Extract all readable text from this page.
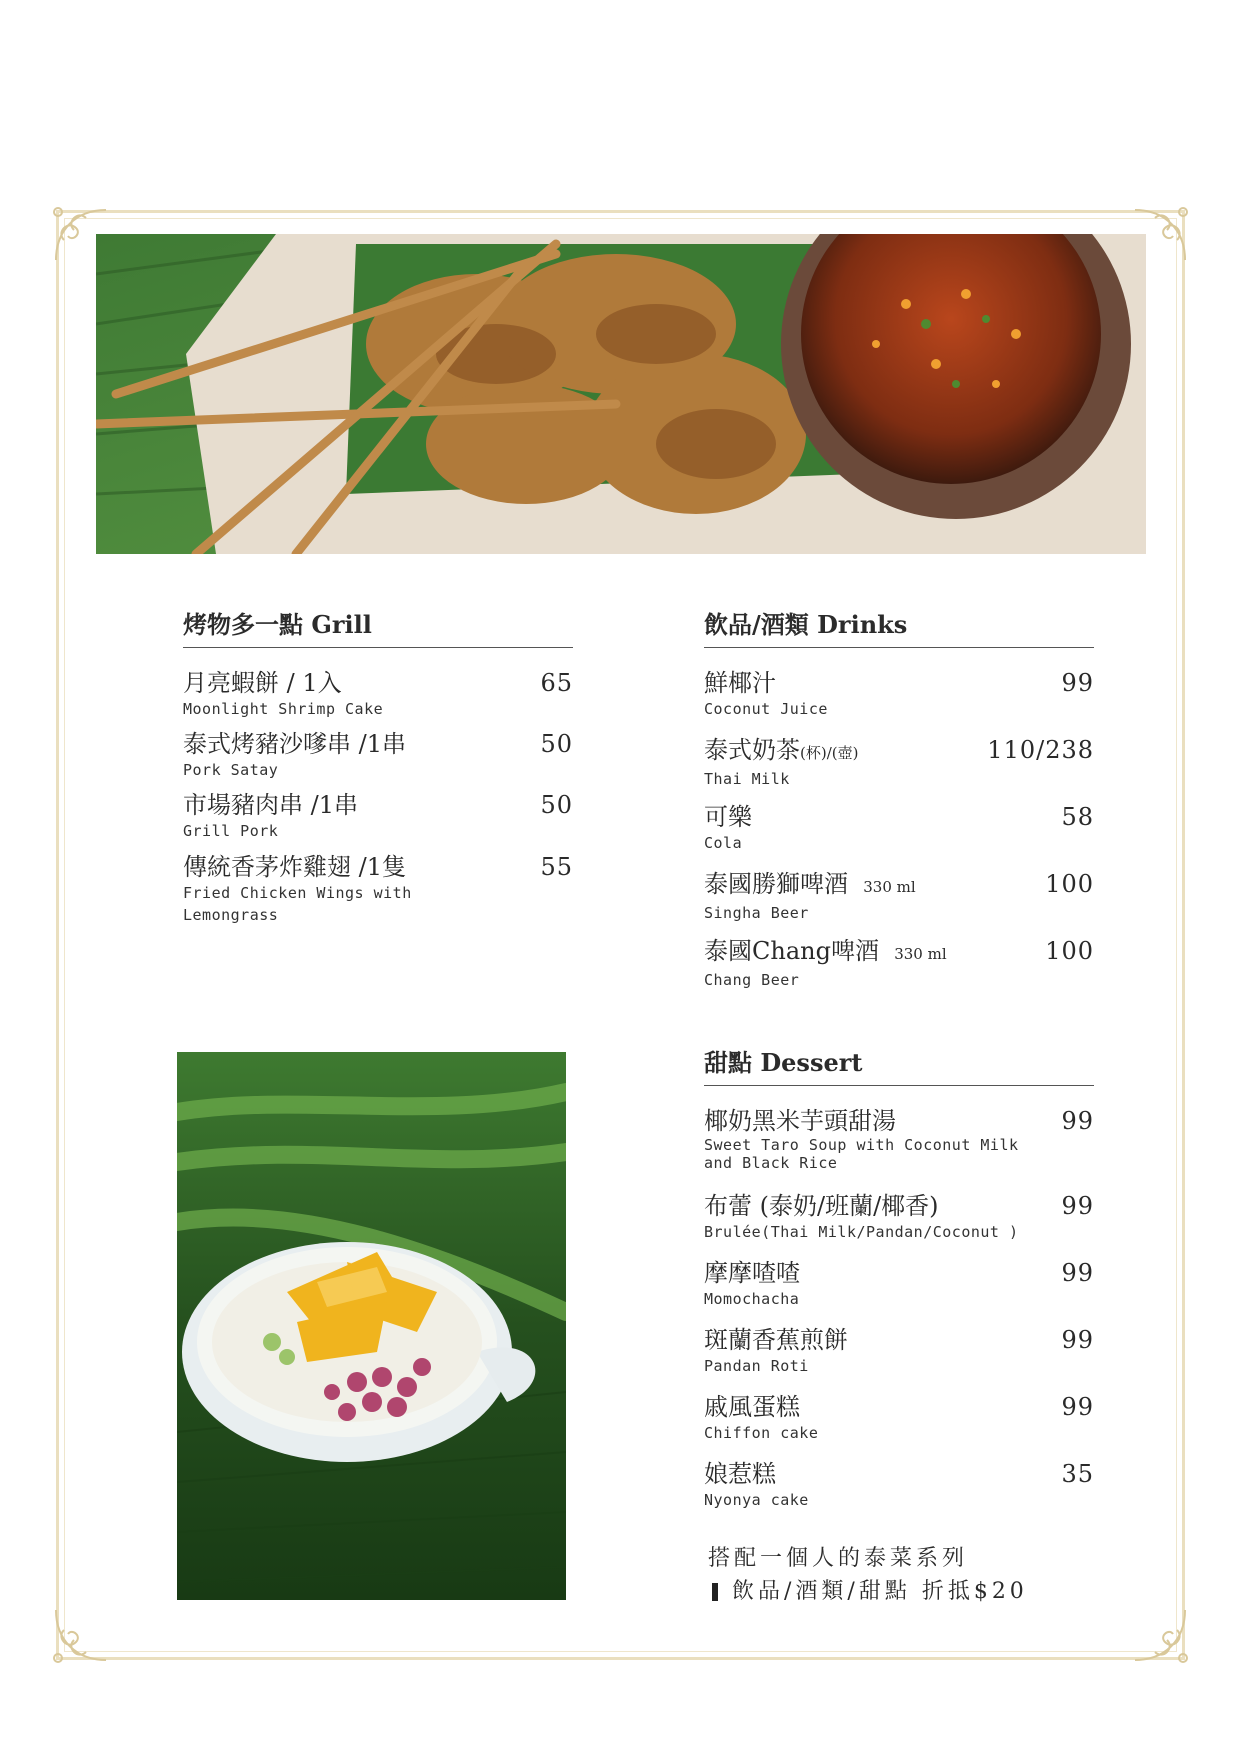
烤物多一點 Grill
月亮蝦餅 / 1入
Moonlight Shrimp Cake
65
泰式烤豬沙嗲串 /1串
Pork Satay
50
市場豬肉串 /1串
Grill Pork
50
傳統香茅炸雞翅 /1隻
Fried Chicken Wings with
Lemongrass
55
飲品/酒類 Drinks
鮮椰汁
Coconut Juice
99
泰式奶茶(杯)/(壺)
Thai Milk
110/238
可樂
Cola
58
泰國勝獅啤酒 330 ml
Singha Beer
100
泰國Chang啤酒 330 ml
Chang Beer
100
甜點 Dessert
椰奶黑米芋頭甜湯
Sweet Taro Soup with Coconut Milk
and Black Rice
99
布蕾 (泰奶/班蘭/椰香)
Brulée(Thai Milk/Pandan/Coconut )
99
摩摩喳喳
Momochacha
99
斑蘭香蕉煎餅
Pandan Roti
99
戚風蛋糕
Chiffon cake
99
娘惹糕
Nyonya cake
35
搭配一個人的泰菜系列
飲品/酒類/甜點 折抵$20
